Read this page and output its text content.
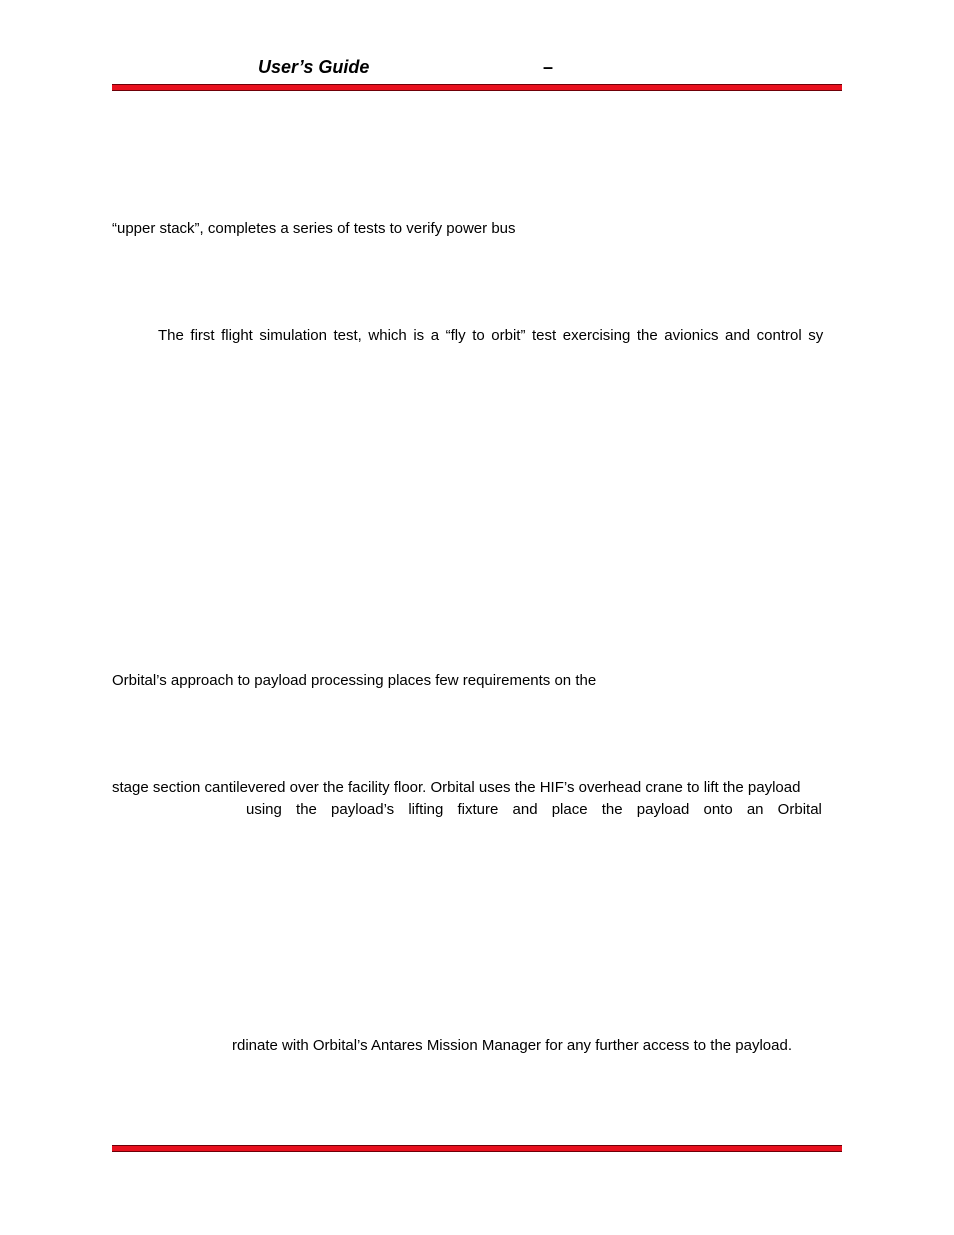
User’s Guide	–
“upper stack”, completes a series of tests to verify power bus
The first flight simulation test, which is a “fly to orbit” test exercising the avionics and control sy
Orbital’s approach to payload processing places few requirements on the
stage section cantilevered over the facility floor. Orbital uses the HIF’s overhead crane to lift the payload
using the payload’s lifting fixture and place the payload onto an Orbital
rdinate with Orbital’s Antares Mission Manager for any further access to the payload.
